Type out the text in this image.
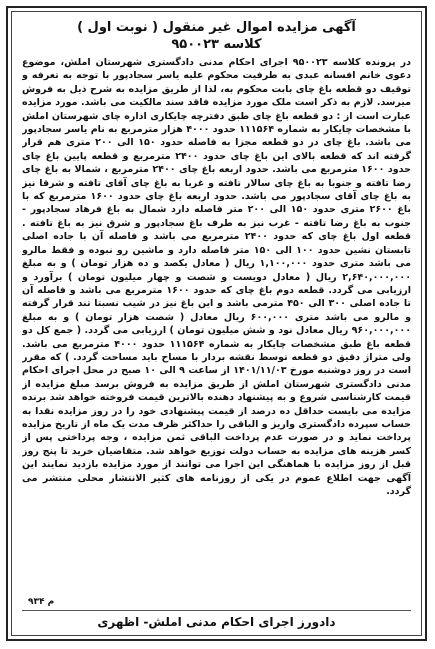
آگهی مزایده اموال غیر منقول ( نوبت اول )
کلاسه ۹۵۰۰۲۳

در پرونده کلاسه ۹۵۰۰۲۳ اجرای احکام مدنی دادگستری شهرستان املش، موضوع دعوی خانم افسانه عبدی به طرفیت محکوم علیه یاسر سجادپور با توجه به تعرفه و توقیف دو قطعه باغ چای بابت محکوم به، لذا از طریق مزایده به شرح ذیل به فروش میرسد. لازم به ذکر است ملک مورد مزایده فاقد سند مالکیت می باشد. مورد مزایده عبارت است از : دو قطعه باغ چای طبق دفترچه چایکاری اداره چای شهرستان املش با مشخصات چایکار به شماره ۱۱۱۵۶۴ حدود ۴۰۰۰ هزار مترمربع به نام یاسر سجادپور می باشد. باغ چای در دو قطعه مجزا به فاصله حدود ۱۵۰ الی ۲۰۰ متری هم قرار گرفته اند که قطعه بالای این باغ چای حدود ۲۴۰۰ مترمربع و قطعه پایین باغ چای حدود ۱۶۰۰ مترمربع می باشد. حدود اربعه باغ چای ۲۴۰۰ مترمربع ، شمالا به باغ چای رضا تافته و جنوبا به باغ چای سالار تافته و غربا به باغ چای آقای تافته و شرقا نیز به باغ چای آقای سجادپور می باشد. حدود اربعه باغ چای حدود ۱۶۰۰ مترمربع که با باغ ۲۶۰۰ متری حدود ۱۵۰ الی ۲۰۰ متر فاصله دارد شمال به باغ فرهاد سجادپور - جنوب به باغ رضا تافته - غرب نیز به طرف باغ سجادپور و شرق نیز به باغ تافته . قطعه اول باغ چای که حدود ۲۴۰۰ مترمربع می باشد و فاصله آن با جاده اصلی تابستان نشین حدود ۱۰۰ الی ۱۵۰ متر فاصله دارد و ماشین رو نبوده و فقط مالرو می باشد متری حدود ۱,۱۰۰,۰۰۰ ریال ( معادل یکصد و ده هزار تومان ) و به مبلغ ۲,۶۴۰,۰۰۰,۰۰۰ ریال ( معادل دویست و شصت و چهار میلیون تومان ) برآورد و ارزیابی می گردد. قطعه دوم باغ چای که حدود ۱۶۰۰ مترمربع می باشد و فاصله آن تا جاده اصلی ۳۰۰ الی ۴۵۰ مترمی باشد و این باغ نیز در شیب نسبتا تند قرار گرفته و مالرو می باشد متری ۶۰۰,۰۰۰ ریال معادل ( شصت هزار تومان ) و به مبلغ ۹۶۰,۰۰۰,۰۰۰ ریال معادل نود و شش میلیون تومان ) ارزیابی می گردد. ( جمع کل دو قطعه باغ طبق مشخصات چایکار به شماره ۱۱۱۵۶۴ حدود ۴۰۰۰ مترمربع می باشد. ولی متراژ دقیق دو قطعه توسط نقشه بردار با مساح باید مساحت گردد. ) که مقرر است در روز دوشنبه مورخ ۱۴۰۱/۱۱/۰۳ از ساعت ۹ الی ۱۰ صبح در محل اجرای احکام مدنی دادگستری شهرستان املش از طریق مزایده به فروش برسد مبلغ مزایده از قیمت کارشناسی شروع و به پیشنهاد دهنده بالاترین قیمت فروخته خواهد شد برنده مزایده می بایست حداقل ده درصد از قیمت پیشنهادی خود را در روز مزایده نقدا به حساب سپرده دادگستری واریز و الباقی را حداکثر ظرف مدت یک ماه از تاریخ مزایده پرداخت نماید و در صورت عدم پرداخت الباقی ثمن مزایده ، وجه پرداختی پس از کسر هزینه های مزایده به حساب دولت توزیع خواهد شد. متقاضیان خرید تا پنج روز قبل از روز مزایده با هماهنگی این اجرا می توانند از مورد مزایده بازدید نمایند این آگهی جهت اطلاع عموم در یکی از روزنامه های کثیر الانتشار محلی منتشر می گردد.

م ۹۳۴
دادورز اجرای احکام مدنی املش- اظهری
